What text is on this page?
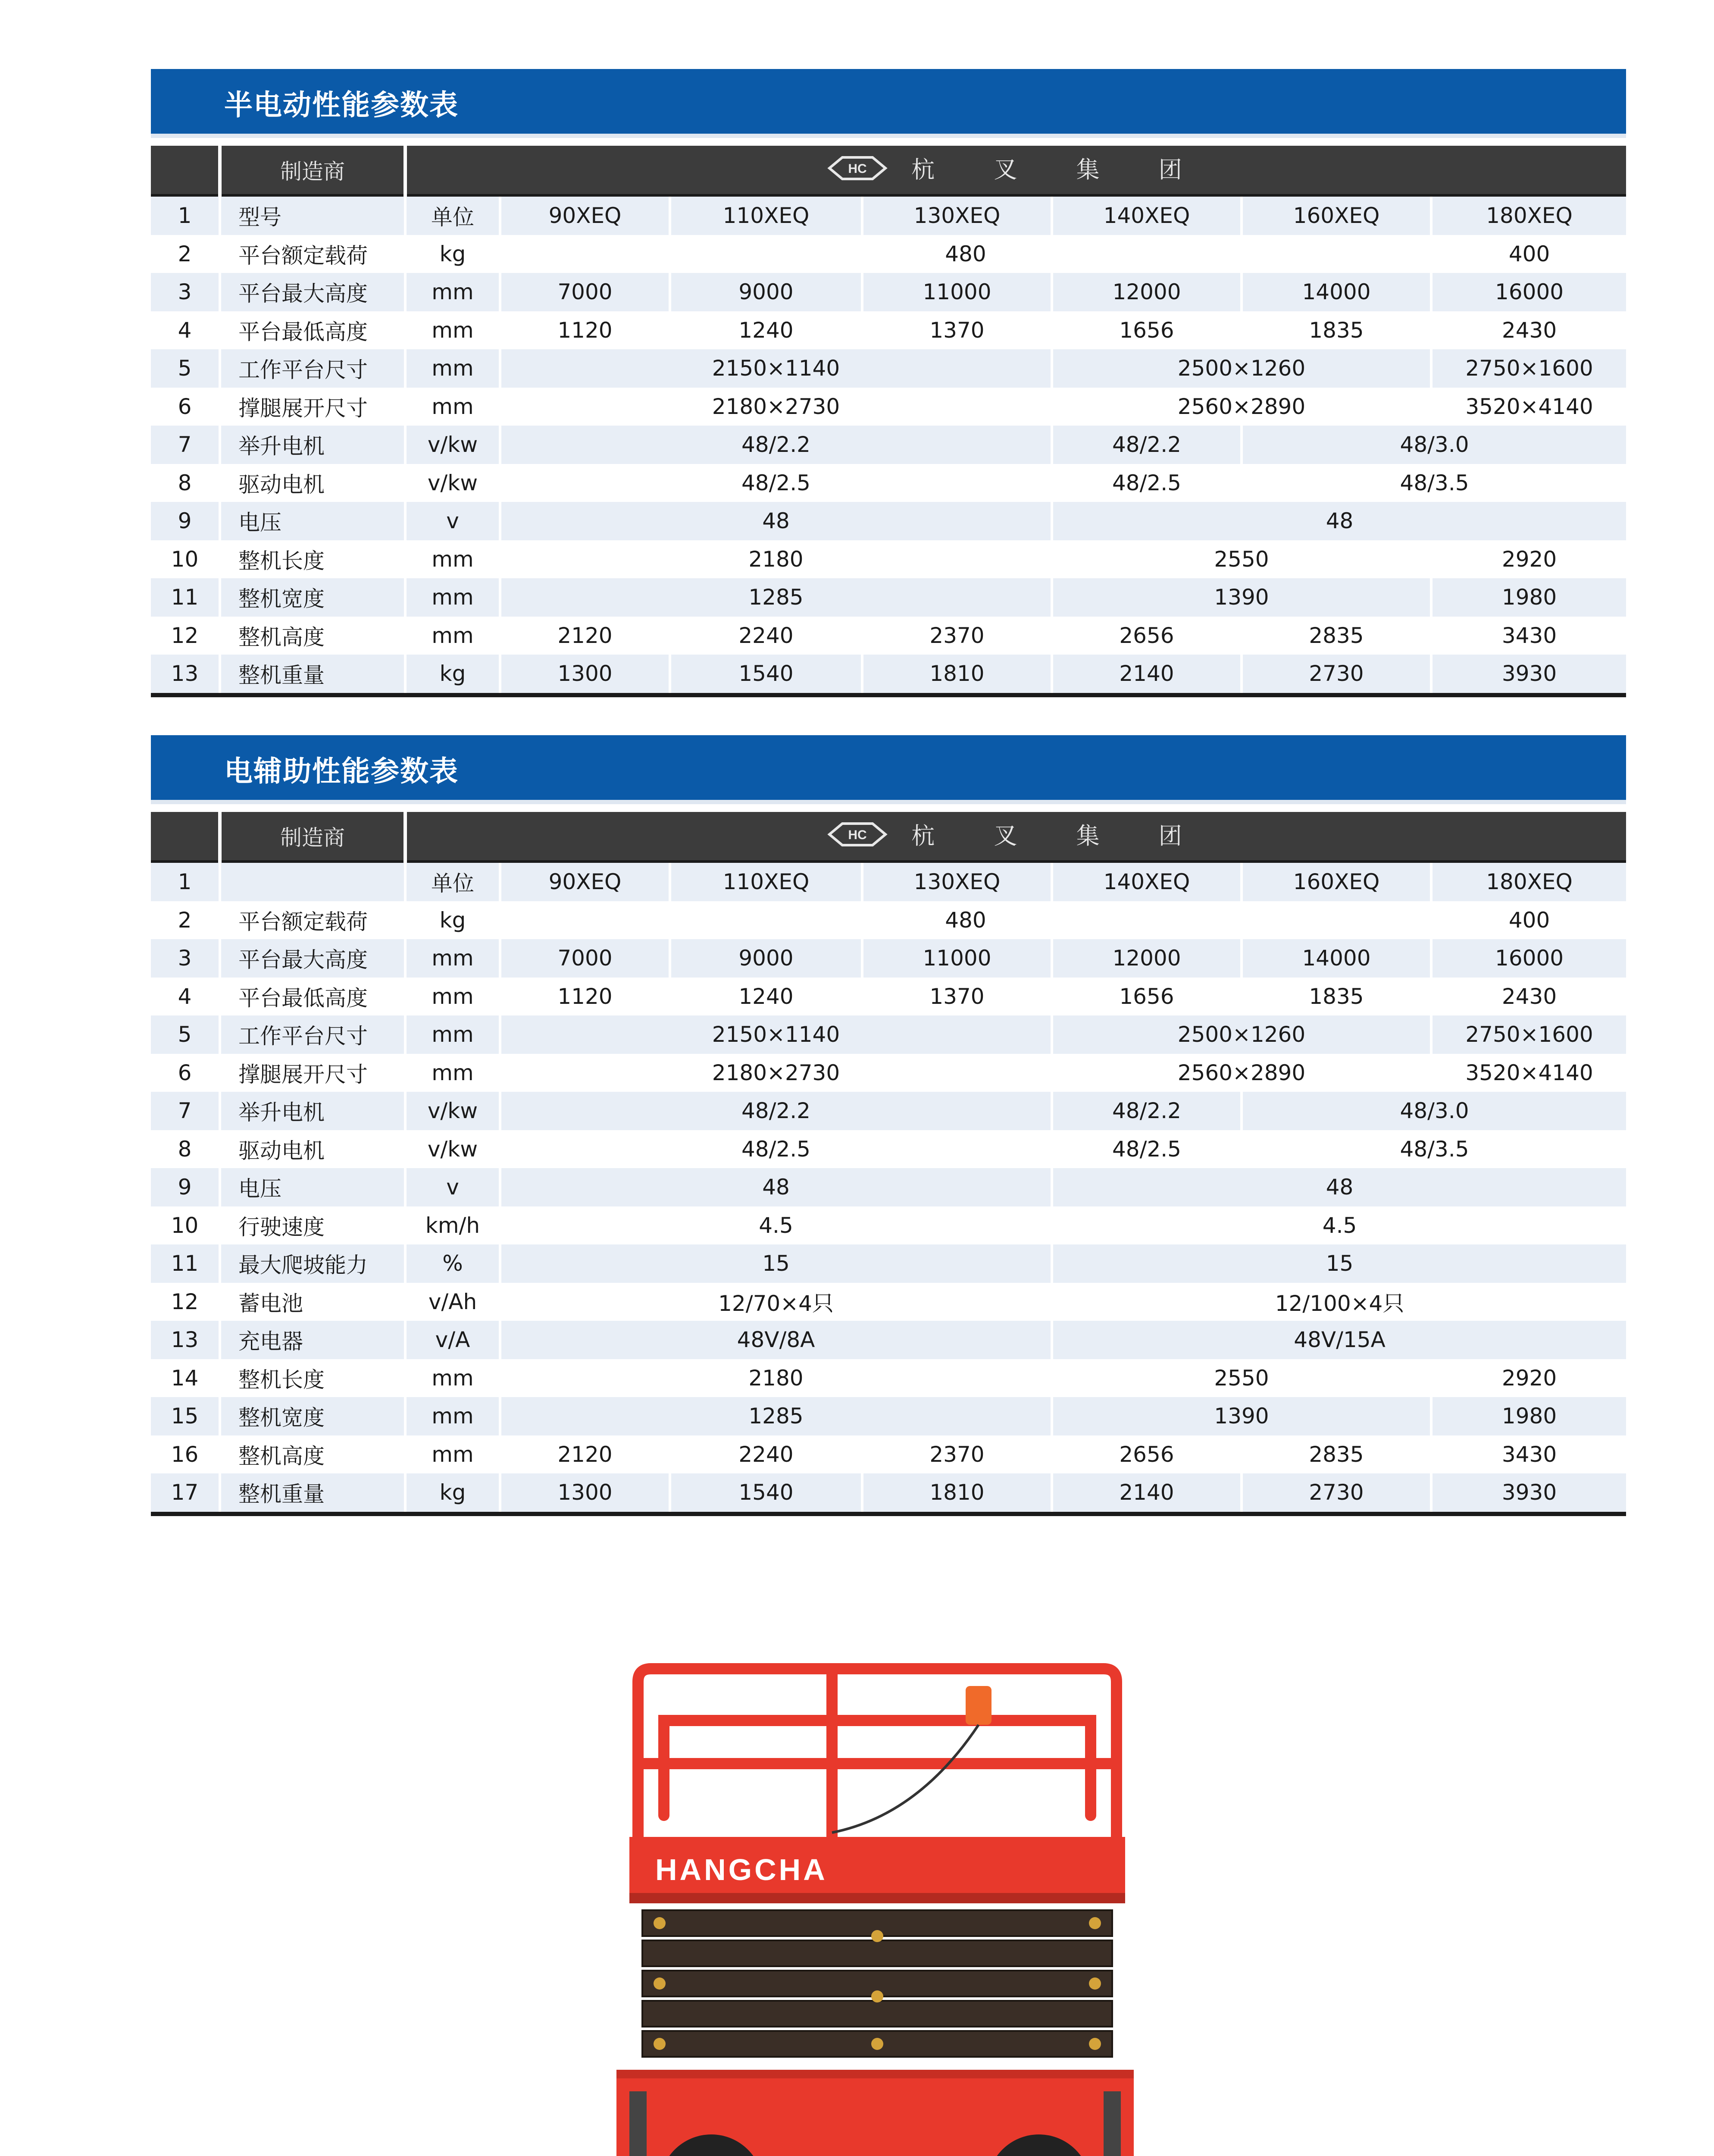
半电动性能参数表
	制造商	HC 杭 叉 集 团						

1	型号	单位	90XEQ	110XEQ	130XEQ	140XEQ	160XEQ	180XEQ
2	平台额定载荷	kg	480					400
3	平台最大高度	mm	7000	9000	11000	12000	14000	16000
4	平台最低高度	mm	1120	1240	1370	1656	1835	2430
5	工作平台尺寸	mm	2150×1140			2500×1260		2750×1600
6	撑腿展开尺寸	mm	2180×2730			2560×2890		3520×4140
7	举升电机	v/kw	48/2.2			48/2.2	48/3.0	
8	驱动电机	v/kw	48/2.5			48/2.5	48/3.5	
9	电压	v	48			48		
10	整机长度	mm	2180			2550		2920
11	整机宽度	mm	1285			1390		1980
12	整机高度	mm	2120	2240	2370	2656	2835	3430
13	整机重量	kg	1300	1540	1810	2140	2730	3930
电辅助性能参数表
	制造商	HC 杭 叉 集 团						

1		单位	90XEQ	110XEQ	130XEQ	140XEQ	160XEQ	180XEQ
2	平台额定载荷	kg	480					400
3	平台最大高度	mm	7000	9000	11000	12000	14000	16000
4	平台最低高度	mm	1120	1240	1370	1656	1835	2430
5	工作平台尺寸	mm	2150×1140			2500×1260		2750×1600
6	撑腿展开尺寸	mm	2180×2730			2560×2890		3520×4140
7	举升电机	v/kw	48/2.2			48/2.2	48/3.0	
8	驱动电机	v/kw	48/2.5			48/2.5	48/3.5	
9	电压	v	48			48		
10	行驶速度	km/h	4.5			4.5		
11	最大爬坡能力	%	15			15		
12	蓄电池	v/Ah	12/70×4只			12/100×4只		
13	充电器	v/A	48V/8A			48V/15A		
14	整机长度	mm	2180			2550		2920
15	整机宽度	mm	1285			1390		1980
16	整机高度	mm	2120	2240	2370	2656	2835	3430
17	整机重量	kg	1300	1540	1810	2140	2730	3930
HANGCHA
